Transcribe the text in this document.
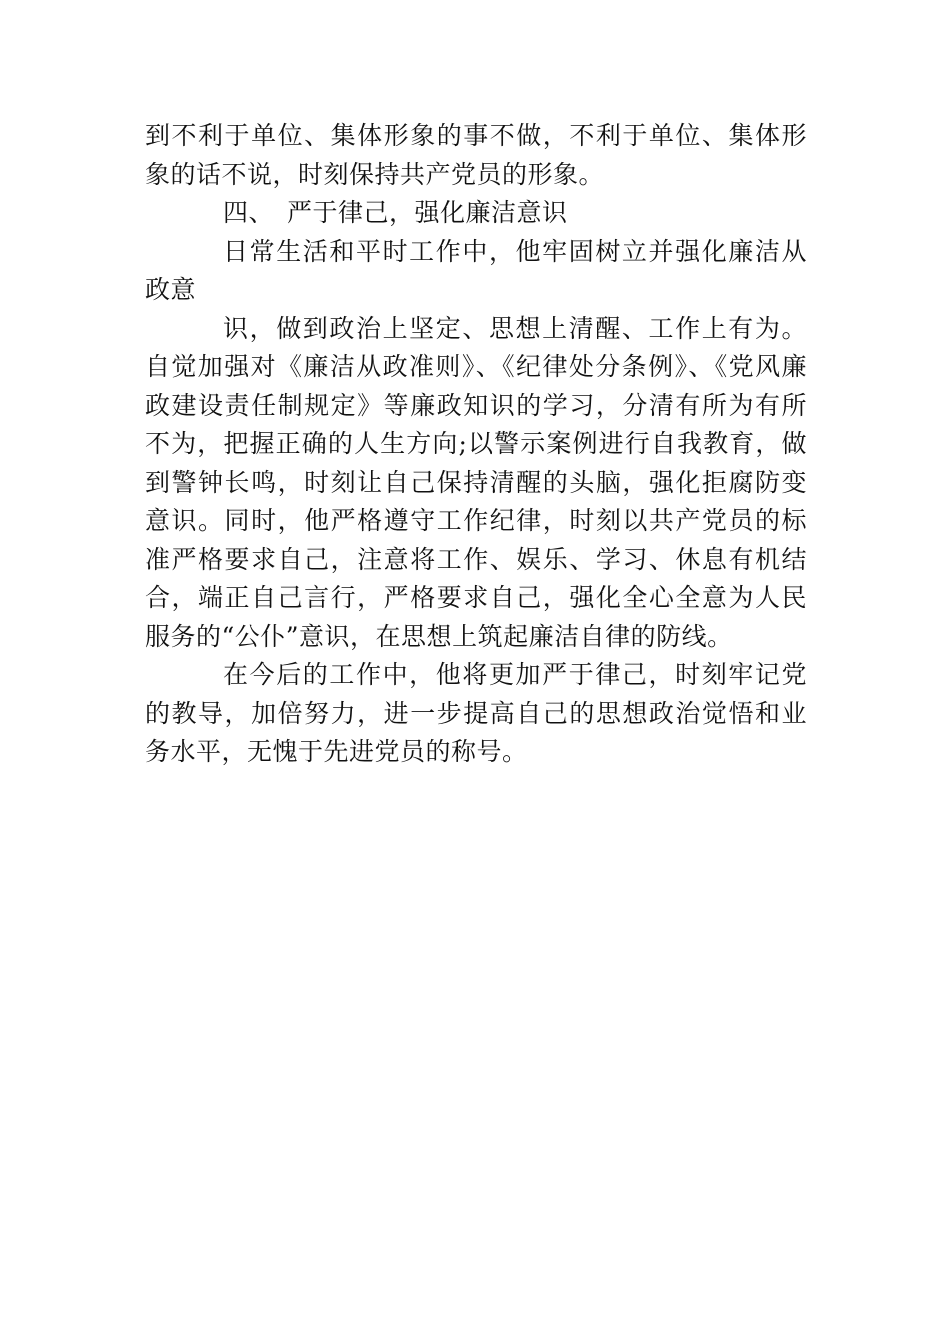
到不利于单位、集体形象的事不做，不利于单位、集体形象的话不说，时刻保持共产党员的形象。

四、　严于律己，强化廉洁意识

日常生活和平时工作中，他牢固树立并强化廉洁从政意

识，做到政治上坚定、思想上清醒、工作上有为。自觉加强对《廉洁从政准则》、《纪律处分条例》、《党风廉政建设责任制规定》等廉政知识的学习，分清有所为有所不为，把握正确的人生方向;以警示案例进行自我教育，做到警钟长鸣，时刻让自己保持清醒的头脑，强化拒腐防变意识。同时，他严格遵守工作纪律，时刻以共产党员的标准严格要求自己，注意将工作、娱乐、学习、休息有机结合，端正自己言行，严格要求自己，强化全心全意为人民服务的“公仆”意识，在思想上筑起廉洁自律的防线。

在今后的工作中，他将更加严于律己，时刻牢记党的教导，加倍努力，进一步提高自己的思想政治觉悟和业务水平，无愧于先进党员的称号。
